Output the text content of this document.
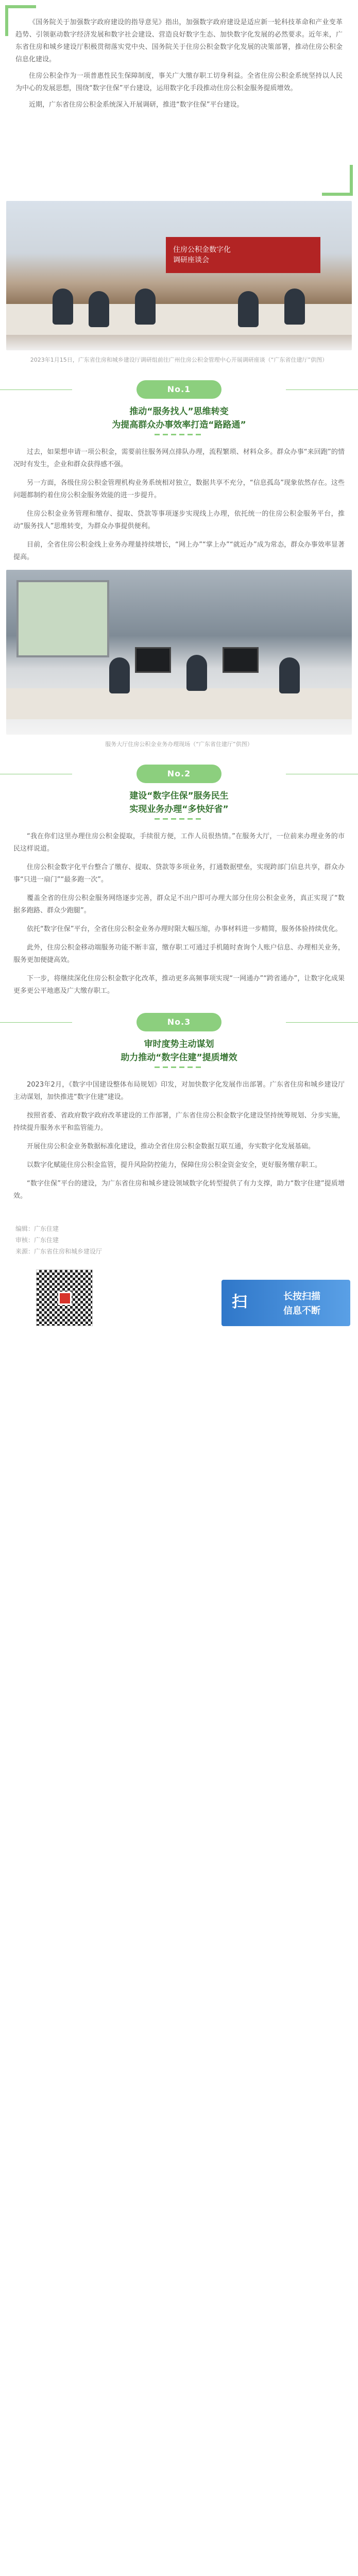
《国务院关于加强数字政府建设的指导意见》指出，加强数字政府建设是适应新一轮科技革命和产业变革趋势、引领驱动数字经济发展和数字社会建设、营造良好数字生态、加快数字化发展的必然要求。近年来，广东省住房和城乡建设厅积极贯彻落实党中央、国务院关于住房公积金数字化发展的决策部署，推动住房公积金信息化建设。

住房公积金作为一项普惠性民生保障制度，事关广大缴存职工切身利益。全省住房公积金系统坚持以人民为中心的发展思想，围绕“数字住保”平台建设，运用数字化手段推动住房公积金服务提质增效。

近期，广东省住房公积金系统深入开展调研，推进“数字住保”平台建设。

住房公积金数字化
调研座谈会
2023年1月15日，广东省住房和城乡建设厅调研组前往广州住房公积金管理中心开展调研座谈（“广东省住建厅”供图）
No.1
推动“服务找人”思维转变
为提高群众办事效率打造“路路通”

过去，如果想申请一项公积金，需要前往服务网点排队办理，流程繁琐、材料众多。群众办事“来回跑”的情况时有发生，企业和群众获得感不强。

另一方面，各级住房公积金管理机构业务系统相对独立，数据共享不充分，“信息孤岛”现象依然存在。这些问题都制约着住房公积金服务效能的进一步提升。

住房公积金业务管理和缴存、提取、贷款等事项逐步实现线上办理，依托统一的住房公积金服务平台，推动“服务找人”思维转变，为群众办事提供便利。

目前，全省住房公积金线上业务办理量持续增长，“网上办”“掌上办”“就近办”成为常态，群众办事效率显著提高。

服务大厅住房公积金业务办理现场（“广东省住建厅”供图）
No.2
建设“数字住保”服务民生
实现业务办理“多快好省”

“我在你们这里办理住房公积金提取，手续很方便，工作人员很热情。”在服务大厅，一位前来办理业务的市民这样说道。

住房公积金数字化平台整合了缴存、提取、贷款等多项业务，打通数据壁垒，实现跨部门信息共享，群众办事“只进一扇门”“最多跑一次”。

覆盖全省的住房公积金服务网络逐步完善，群众足不出户即可办理大部分住房公积金业务，真正实现了“数据多跑路、群众少跑腿”。

依托“数字住保”平台，全省住房公积金业务办理时限大幅压缩，办事材料进一步精简，服务体验持续优化。

此外，住房公积金移动端服务功能不断丰富，缴存职工可通过手机随时查询个人账户信息、办理相关业务，服务更加便捷高效。

下一步，将继续深化住房公积金数字化改革，推动更多高频事项实现“一网通办”“跨省通办”，让数字化成果更多更公平地惠及广大缴存职工。

No.3
审时度势主动谋划
助力推动“数字住建”提质增效

2023年2月，《数字中国建设整体布局规划》印发，对加快数字化发展作出部署。广东省住房和城乡建设厅主动谋划，加快推进“数字住建”建设。

按照省委、省政府数字政府改革建设的工作部署，广东省住房公积金数字化建设坚持统筹规划、分步实施，持续提升服务水平和监管能力。

开展住房公积金业务数据标准化建设，推动全省住房公积金数据互联互通，夯实数字化发展基础。

以数字化赋能住房公积金监管，提升风险防控能力，保障住房公积金资金安全，更好服务缴存职工。

“数字住保”平台的建设，为广东省住房和城乡建设领域数字化转型提供了有力支撑，助力“数字住建”提质增效。

编辑：广东住建
审核：广东住建
来源：广东省住房和城乡建设厅
扫	长按扫描
信息不断
